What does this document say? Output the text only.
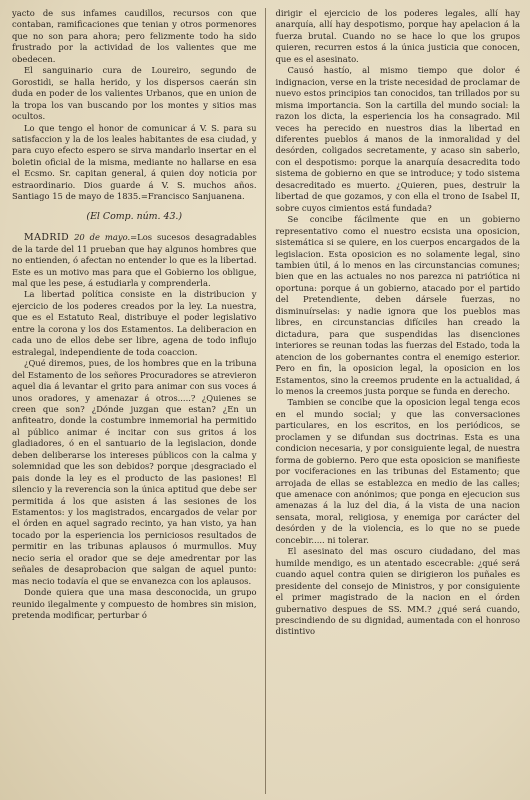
yacto de sus infames caudillos, recursos con que contaban, ramificaciones que tenian y otros pormenores que no son para ahora; pero felizmente todo ha sido frustrado por la actividad de los valientes que me obedecen.

El sanguinario cura de Loureiro, segundo de Gorostidi, se halla herido, y los dispersos caerán sin duda en poder de los valientes Urbanos, que en union de la tropa los van buscando por los montes y sitios mas ocultos.

Lo que tengo el honor de comunicar á V. S. para su satisfaccion y la de los leales habitantes de esa ciudad, y para cuyo efecto espero se sirva mandarlo insertar en el boletin oficial de la misma, mediante no hallarse en esa el Ecsmo. Sr. capitan general, á quien doy noticia por estraordinario. Dios guarde á V. S. muchos años. Santiago 15 de mayo de 1835.=Francisco Sanjuanena.

(El Comp. núm. 43.)

MADRID 20 de mayo.=Los sucesos desagradables de la tarde del 11 prueban que hay algunos hombres que no entienden, ó afectan no entender lo que es la libertad. Este es un motivo mas para que el Gobierno los obligue, mal que les pese, á estudiarla y comprenderla.

La libertad política consiste en la distribucion y ejercicio de los poderes creados por la ley. La nuestra, que es el Estatuto Real, distribuye el poder legislativo entre la corona y los dos Estamentos. La deliberacion en cada uno de ellos debe ser libre, agena de todo influjo estralegal, independiente de toda coaccion.

¿Qué diremos, pues, de los hombres que en la tribuna del Estamento de los señores Procuradores se atrevieron aquel dia á levantar el grito para animar con sus voces á unos oradores, y amenazar á otros.....? ¿Quienes se creen que son? ¿Dónde juzgan que estan? ¿En un anfiteatro, donde la costumbre inmemorial ha permitido al público animar é incitar con sus gritos á los gladiadores, ó en el santuario de la legislacion, donde deben deliberarse los intereses públicos con la calma y solemnidad que les son debidos? porque ¡desgraciado el pais donde la ley es el producto de las pasiones! El silencio y la reverencia son la única aptitud que debe ser permitida á los que asisten á las sesiones de los Estamentos: y los magistrados, encargados de velar por el órden en aquel sagrado recinto, ya han visto, ya han tocado por la esperiencia los perniciosos resultados de permitir en las tribunas aplausos ó murmullos. Muy necio seria el orador que se deje amedrentar por las señales de desaprobacion que salgan de aquel punto: mas necio todavía el que se envanezca con los aplausos.

Donde quiera que una masa desconocida, un grupo reunido ilegalmente y compuesto de hombres sin mision, pretenda modificar, perturbar ó

dirigir el ejercicio de los poderes legales, allí hay anarquía, allí hay despotismo, porque hay apelacion á la fuerza brutal. Cuando no se hace lo que los grupos quieren, recurren estos á la única justicia que conocen, que es el asesinato.

Causó hastío, al mismo tiempo que dolor é indignacion, verse en la triste necesidad de proclamar de nuevo estos principios tan conocidos, tan trillados por su misma importancia. Son la cartilla del mundo social: la razon los dicta, la esperiencia los ha consagrado. Mil veces ha perecido en nuestros dias la libertad en diferentes pueblos á manos de la inmoralidad y del desórden, coligados secretamente, y acaso sin saberlo, con el despotismo: porque la anarquía desacredita todo sistema de gobierno en que se introduce; y todo sistema desacreditado es muerto. ¿Quieren, pues, destruir la libertad de que gozamos, y con ella el trono de Isabel II, sobre cuyos cimientos está fundada?

Se concibe fácilmente que en un gobierno representativo como el nuestro ecsista una oposicion, sistemática si se quiere, en los cuerpos encargados de la legislacion. Esta oposicion es no solamente legal, sino tambien útil, á lo menos en las circunstancias comunes; bien que en las actuales no nos parezca ni patriótica ni oportuna: porque á un gobierno, atacado por el partido del Pretendiente, deben dársele fuerzas, no disminuírselas: y nadie ignora que los pueblos mas libres, en circunstancias difíciles han creado la dictadura, para que suspendidas las disenciones interiores se reunan todas las fuerzas del Estado, toda la atencion de los gobernantes contra el enemigo esterior. Pero en fin, la oposicion legal, la oposicion en los Estamentos, sino la creemos prudente en la actualidad, á lo menos la creemos justa porque se funda en derecho.

Tambien se concibe que la oposicion legal tenga ecos en el mundo social; y que las conversaciones particulares, en los escritos, en los periódicos, se proclamen y se difundan sus doctrinas. Esta es una condicion necesaria, y por consiguiente legal, de nuestra forma de gobierno. Pero que esta oposicion se manifieste por vociferaciones en las tribunas del Estamento; que arrojada de ellas se establezca en medio de las calles; que amenace con anónimos; que ponga en ejecucion sus amenazas á la luz del dia, á la vista de una nacion sensata, moral, religiosa, y enemiga por carácter del desórden y de la violencia, es lo que no se puede concebir..... ni tolerar.

El asesinato del mas oscuro ciudadano, del mas humilde mendigo, es un atentado escecrable: ¿qué será cuando aquel contra quien se dirigieron los puñales es presidente del consejo de Ministros, y por consiguiente el primer magistrado de la nacion en el órden gubernativo despues de SS. MM.? ¿qué será cuando, prescindiendo de su dignidad, aumentada con el honroso distintivo
